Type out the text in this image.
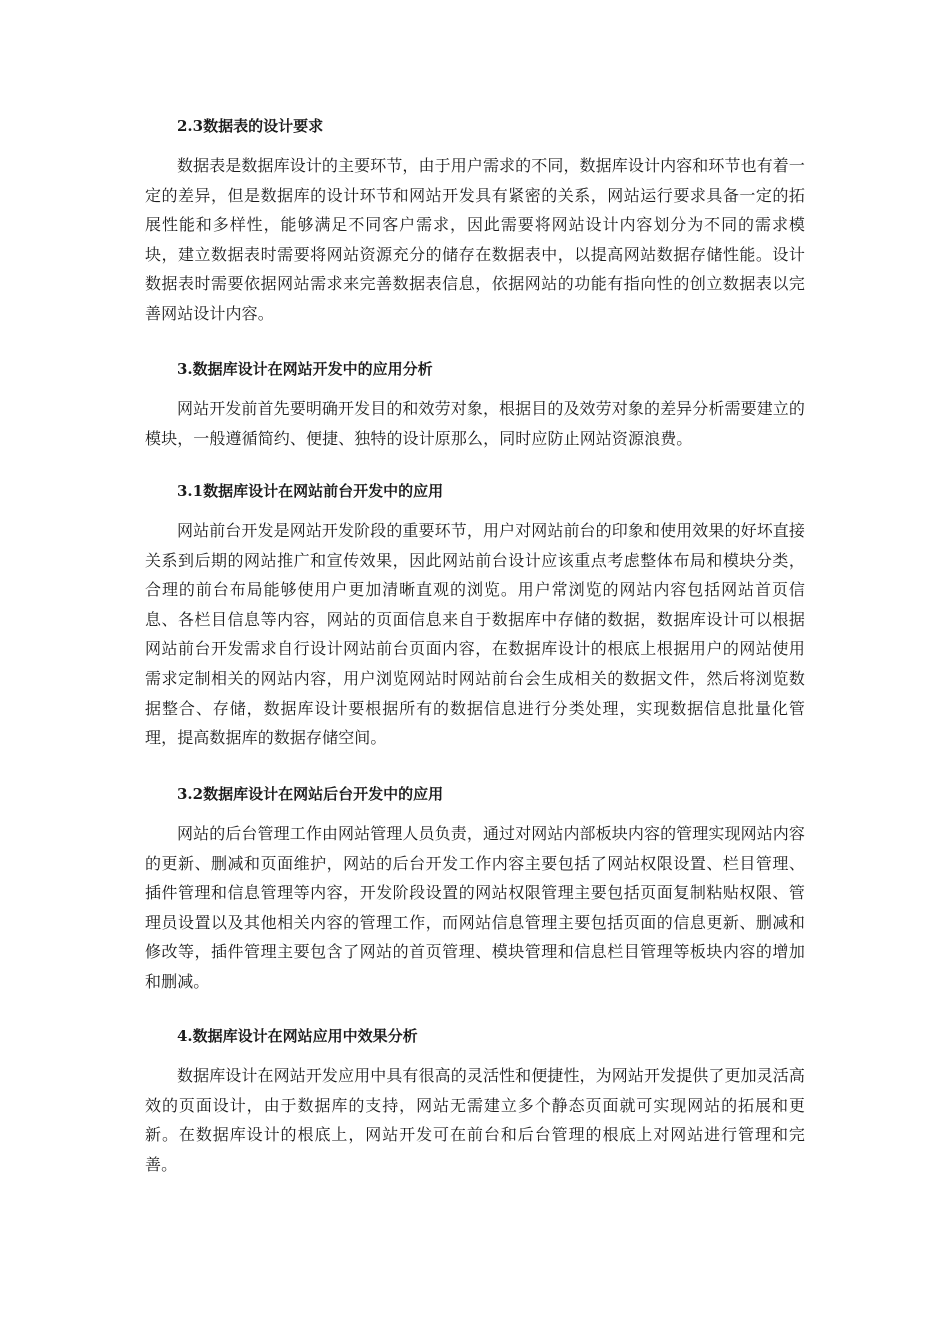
2.3数据表的设计要求

数据表是数据库设计的主要环节，由于用户需求的不同，数据库设计内容和环节也有着一定的差异，但是数据库的设计环节和网站开发具有紧密的关系，网站运行要求具备一定的拓展性能和多样性，能够满足不同客户需求，因此需要将网站设计内容划分为不同的需求模块，建立数据表时需要将网站资源充分的储存在数据表中，以提高网站数据存储性能。设计数据表时需要依据网站需求来完善数据表信息，依据网站的功能有指向性的创立数据表以完善网站设计内容。

3.数据库设计在网站开发中的应用分析

网站开发前首先要明确开发目的和效劳对象，根据目的及效劳对象的差异分析需要建立的模块，一般遵循简约、便捷、独特的设计原那么，同时应防止网站资源浪费。

3.1数据库设计在网站前台开发中的应用

网站前台开发是网站开发阶段的重要环节，用户对网站前台的印象和使用效果的好坏直接关系到后期的网站推广和宣传效果，因此网站前台设计应该重点考虑整体布局和模块分类，合理的前台布局能够使用户更加清晰直观的浏览。用户常浏览的网站内容包括网站首页信息、各栏目信息等内容，网站的页面信息来自于数据库中存储的数据，数据库设计可以根据网站前台开发需求自行设计网站前台页面内容，在数据库设计的根底上根据用户的网站使用需求定制相关的网站内容，用户浏览网站时网站前台会生成相关的数据文件，然后将浏览数据整合、存储，数据库设计要根据所有的数据信息进行分类处理，实现数据信息批量化管理，提高数据库的数据存储空间。

3.2数据库设计在网站后台开发中的应用

网站的后台管理工作由网站管理人员负责，通过对网站内部板块内容的管理实现网站内容的更新、删减和页面维护，网站的后台开发工作内容主要包括了网站权限设置、栏目管理、插件管理和信息管理等内容，开发阶段设置的网站权限管理主要包括页面复制粘贴权限、管理员设置以及其他相关内容的管理工作，而网站信息管理主要包括页面的信息更新、删减和修改等，插件管理主要包含了网站的首页管理、模块管理和信息栏目管理等板块内容的增加和删减。

4.数据库设计在网站应用中效果分析

数据库设计在网站开发应用中具有很高的灵活性和便捷性，为网站开发提供了更加灵活高效的页面设计，由于数据库的支持，网站无需建立多个静态页面就可实现网站的拓展和更新。在数据库设计的根底上，网站开发可在前台和后台管理的根底上对网站进行管理和完善。
